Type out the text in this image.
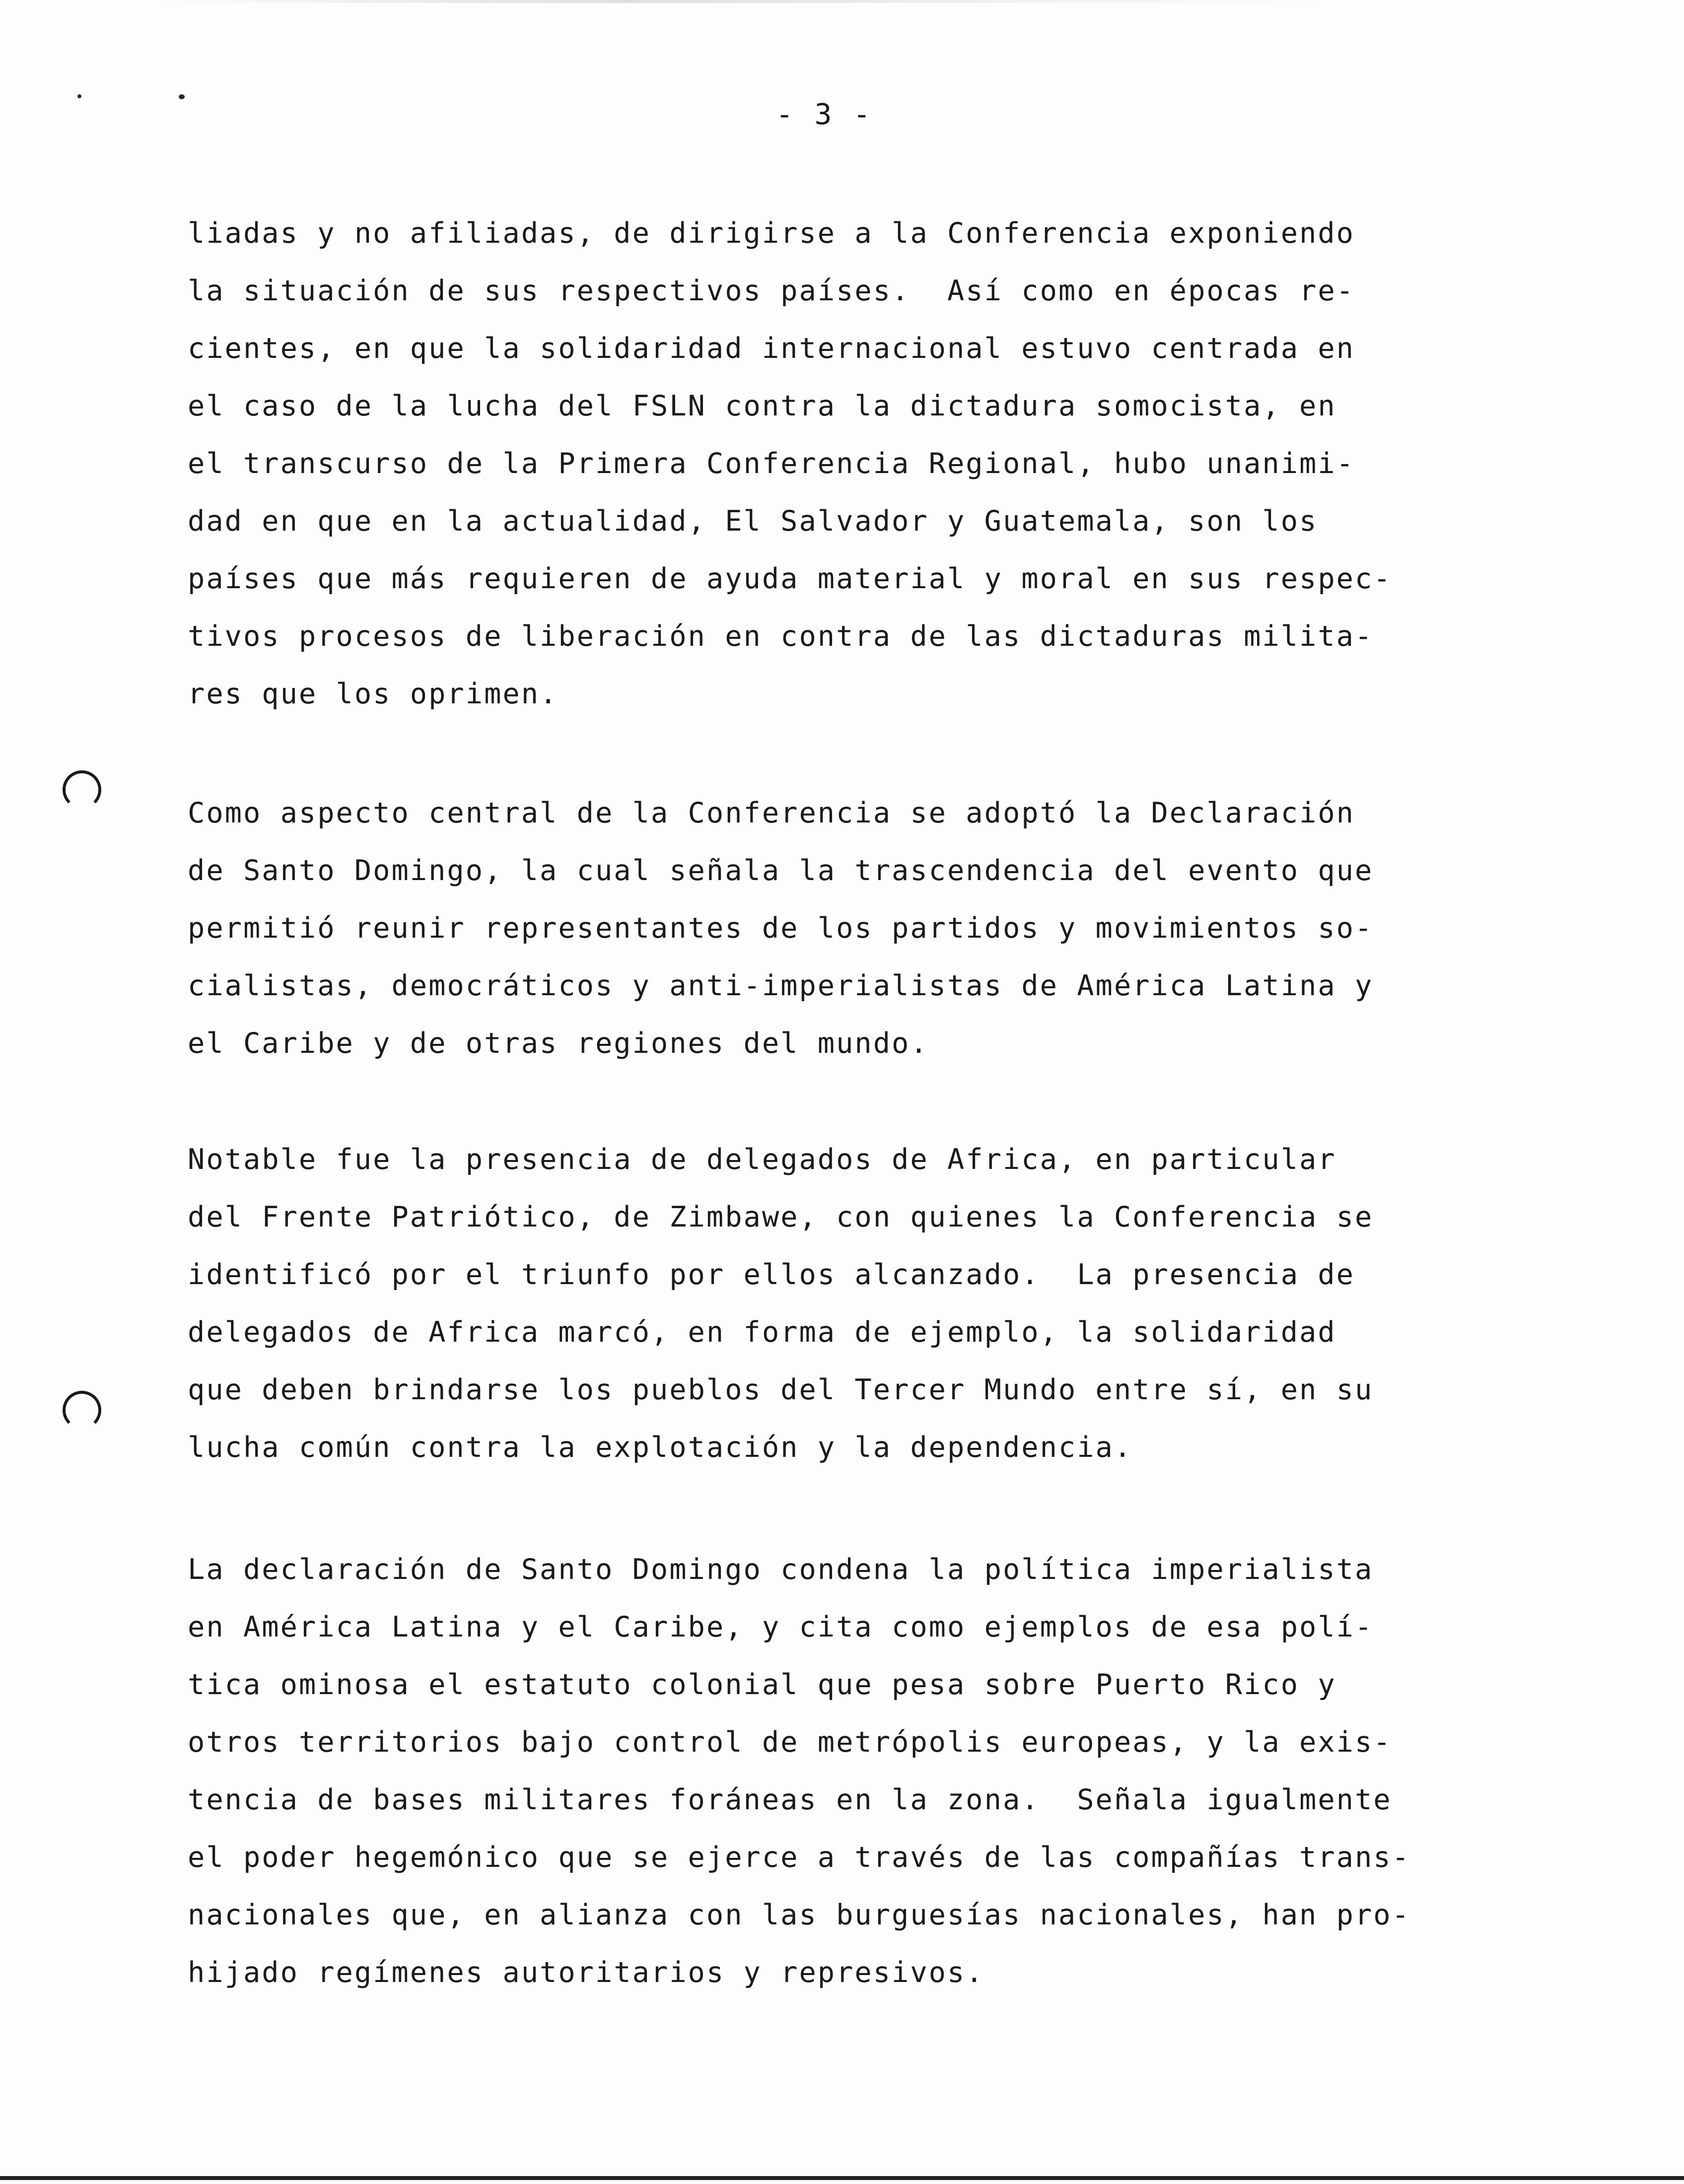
- 3 -
liadas y no afiliadas, de dirigirse a la Conferencia exponiendo
la situación de sus respectivos países.  Así como en épocas re-
cientes, en que la solidaridad internacional estuvo centrada en
el caso de la lucha del FSLN contra la dictadura somocista, en
el transcurso de la Primera Conferencia Regional, hubo unanimi-
dad en que en la actualidad, El Salvador y Guatemala, son los
países que más requieren de ayuda material y moral en sus respec-
tivos procesos de liberación en contra de las dictaduras milita-
res que los oprimen.
Como aspecto central de la Conferencia se adoptó la Declaración
de Santo Domingo, la cual señala la trascendencia del evento que
permitió reunir representantes de los partidos y movimientos so-
cialistas, democráticos y anti-imperialistas de América Latina y
el Caribe y de otras regiones del mundo.
Notable fue la presencia de delegados de Africa, en particular
del Frente Patriótico, de Zimbawe, con quienes la Conferencia se
identificó por el triunfo por ellos alcanzado.  La presencia de
delegados de Africa marcó, en forma de ejemplo, la solidaridad
que deben brindarse los pueblos del Tercer Mundo entre sí, en su
lucha común contra la explotación y la dependencia.
La declaración de Santo Domingo condena la política imperialista
en América Latina y el Caribe, y cita como ejemplos de esa polí-
tica ominosa el estatuto colonial que pesa sobre Puerto Rico y
otros territorios bajo control de metrópolis europeas, y la exis-
tencia de bases militares foráneas en la zona.  Señala igualmente
el poder hegemónico que se ejerce a través de las compañías trans-
nacionales que, en alianza con las burguesías nacionales, han pro-
hijado regímenes autoritarios y represivos.
